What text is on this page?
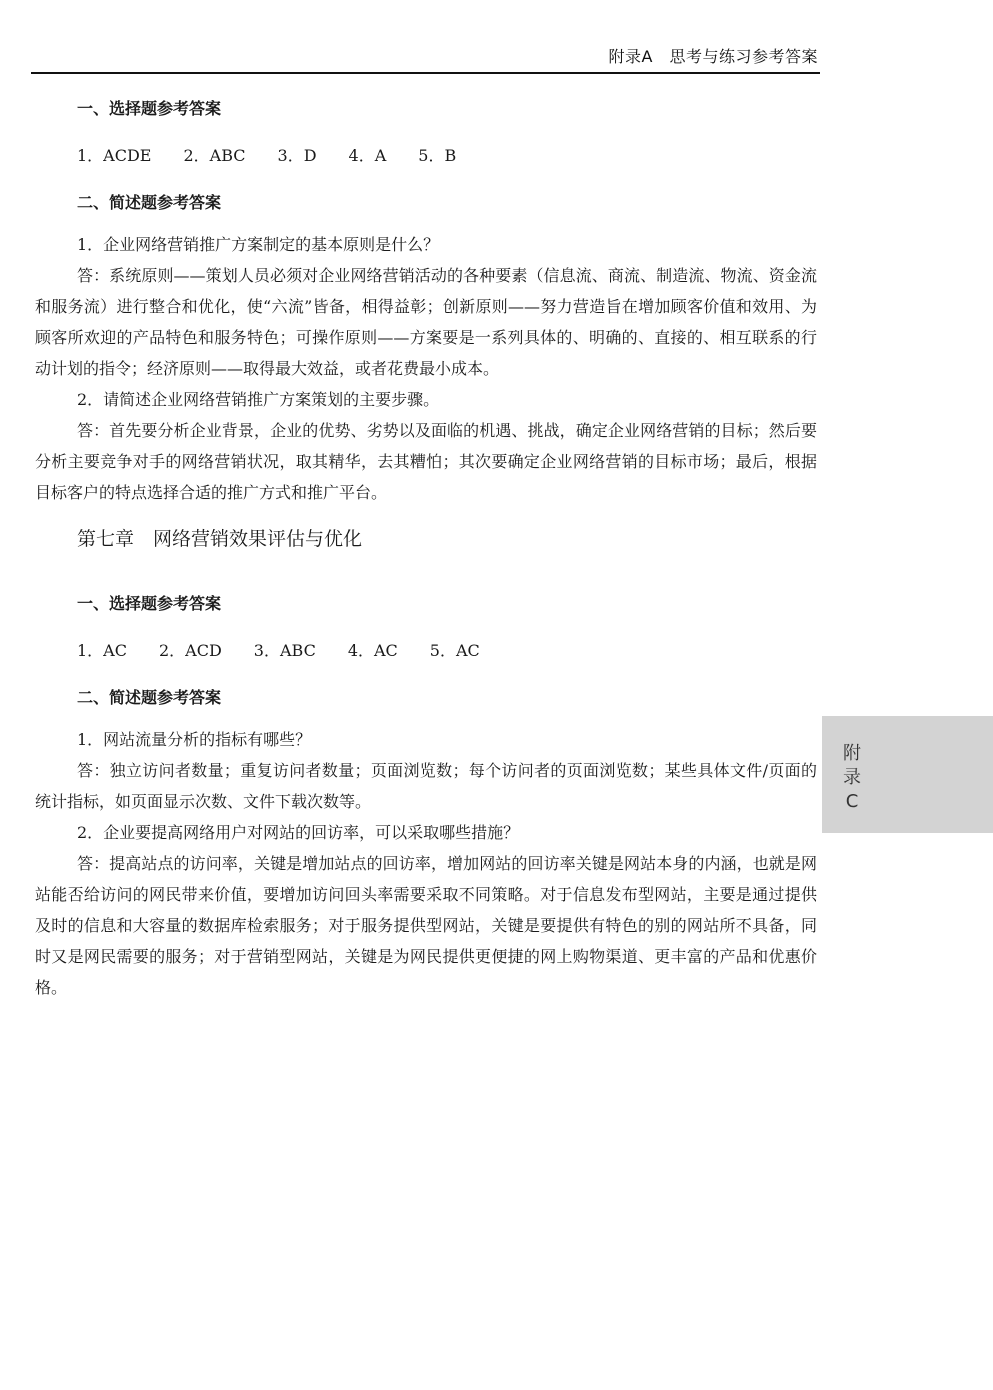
附录A　思考与练习参考答案

一、选择题参考答案

1．ACDE　　2．ABC　　3．D　　4．A　　5．B

二、简述题参考答案

1．企业网络营销推广方案制定的基本原则是什么？

答：系统原则——策划人员必须对企业网络营销活动的各种要素（信息流、商流、制造流、物流、资金流和服务流）进行整合和优化，使“六流”皆备，相得益彰；创新原则——努力营造旨在增加顾客价值和效用、为顾客所欢迎的产品特色和服务特色；可操作原则——方案要是一系列具体的、明确的、直接的、相互联系的行动计划的指令；经济原则——取得最大效益，或者花费最小成本。

2．请简述企业网络营销推广方案策划的主要步骤。

答：首先要分析企业背景，企业的优势、劣势以及面临的机遇、挑战，确定企业网络营销的目标；然后要分析主要竞争对手的网络营销状况，取其精华，去其糟怕；其次要确定企业网络营销的目标市场；最后，根据目标客户的特点选择合适的推广方式和推广平台。

第七章　网络营销效果评估与优化

一、选择题参考答案

1．AC　　2．ACD　　3．ABC　　4．AC　　5．AC

二、简述题参考答案

1．网站流量分析的指标有哪些？

答：独立访问者数量；重复访问者数量；页面浏览数；每个访问者的页面浏览数；某些具体文件/页面的统计指标，如页面显示次数、文件下载次数等。

2．企业要提高网络用户对网站的回访率，可以采取哪些措施？

答：提高站点的访问率，关键是增加站点的回访率，增加网站的回访率关键是网站本身的内涵，也就是网站能否给访问的网民带来价值，要增加访问回头率需要采取不同策略。对于信息发布型网站，主要是通过提供及时的信息和大容量的数据库检索服务；对于服务提供型网站，关键是要提供有特色的别的网站所不具备，同时又是网民需要的服务；对于营销型网站，关键是为网民提供更便捷的网上购物渠道、更丰富的产品和优惠价格。

附
录
C
